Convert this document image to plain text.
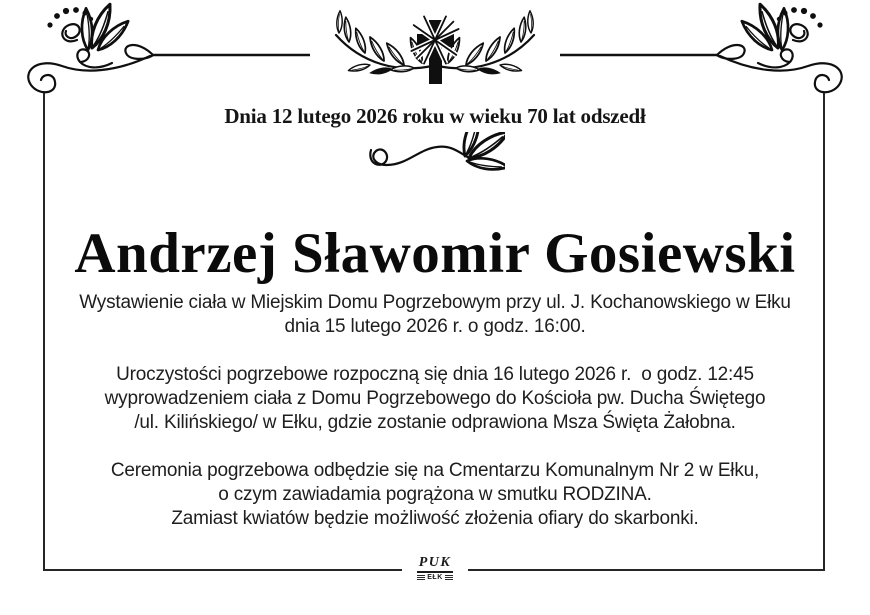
Dnia 12 lutego 2026 roku w wieku 70 lat odszedł
Andrzej Sławomir Gosiewski
Wystawienie ciała w Miejskim Domu Pogrzebowym przy ul. J. Kochanowskiego w Ełku
dnia 15 lutego 2026 r. o godz. 16:00.
Uroczystości pogrzebowe rozpoczną się dnia 16 lutego 2026 r.  o godz. 12:45
wyprowadzeniem ciała z Domu Pogrzebowego do Kościoła pw. Ducha Świętego
/ul. Kilińskiego/ w Ełku, gdzie zostanie odprawiona Msza Święta Żałobna.
Ceremonia pogrzebowa odbędzie się na Cmentarzu Komunalnym Nr 2 w Ełku,
o czym zawiadamia pogrążona w smutku RODZINA.
Zamiast kwiatów będzie możliwość złożenia ofiary do skarbonki.
PUK
EŁK
